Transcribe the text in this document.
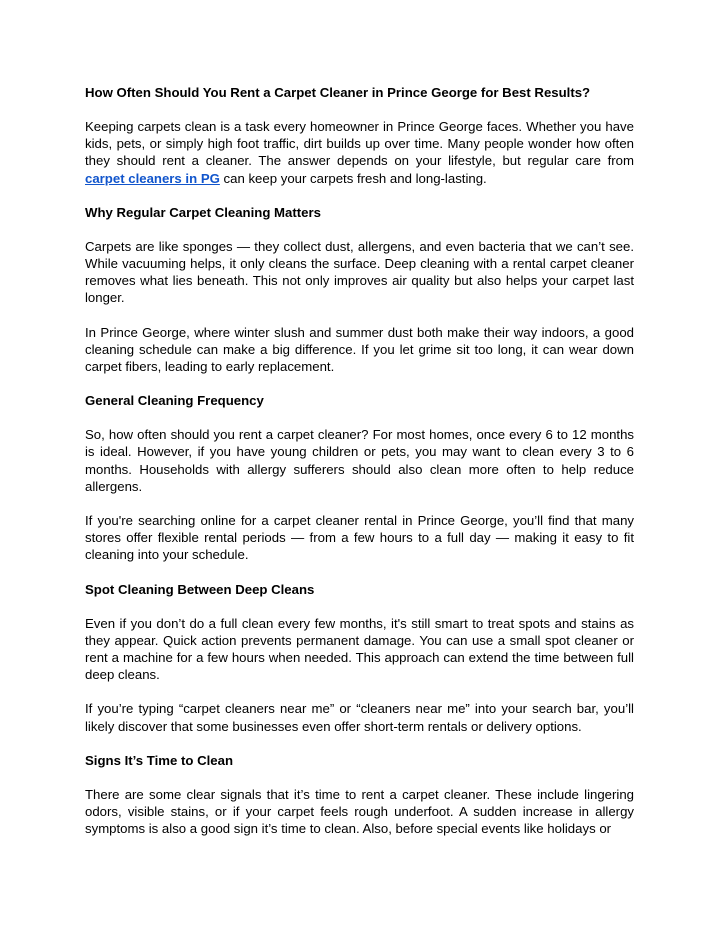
How Often Should You Rent a Carpet Cleaner in Prince George for Best Results?

Keeping carpets clean is a task every homeowner in Prince George faces. Whether you have kids, pets, or simply high foot traffic, dirt builds up over time. Many people wonder how often they should rent a cleaner. The answer depends on your lifestyle, but regular care from carpet cleaners in PG can keep your carpets fresh and long-lasting.

Why Regular Carpet Cleaning Matters

Carpets are like sponges — they collect dust, allergens, and even bacteria that we can’t see. While vacuuming helps, it only cleans the surface. Deep cleaning with a rental carpet cleaner removes what lies beneath. This not only improves air quality but also helps your carpet last longer.

In Prince George, where winter slush and summer dust both make their way indoors, a good cleaning schedule can make a big difference. If you let grime sit too long, it can wear down carpet fibers, leading to early replacement.

General Cleaning Frequency

So, how often should you rent a carpet cleaner? For most homes, once every 6 to 12 months is ideal. However, if you have young children or pets, you may want to clean every 3 to 6 months. Households with allergy sufferers should also clean more often to help reduce allergens.

If you're searching online for a carpet cleaner rental in Prince George, you’ll find that many stores offer flexible rental periods — from a few hours to a full day — making it easy to fit cleaning into your schedule.

Spot Cleaning Between Deep Cleans

Even if you don’t do a full clean every few months, it's still smart to treat spots and stains as they appear. Quick action prevents permanent damage. You can use a small spot cleaner or rent a machine for a few hours when needed. This approach can extend the time between full deep cleans.

If you’re typing “carpet cleaners near me” or “cleaners near me” into your search bar, you’ll likely discover that some businesses even offer short-term rentals or delivery options.

Signs It’s Time to Clean

There are some clear signals that it’s time to rent a carpet cleaner. These include lingering odors, visible stains, or if your carpet feels rough underfoot. A sudden increase in allergy symptoms is also a good sign it’s time to clean. Also, before special events like holidays or
